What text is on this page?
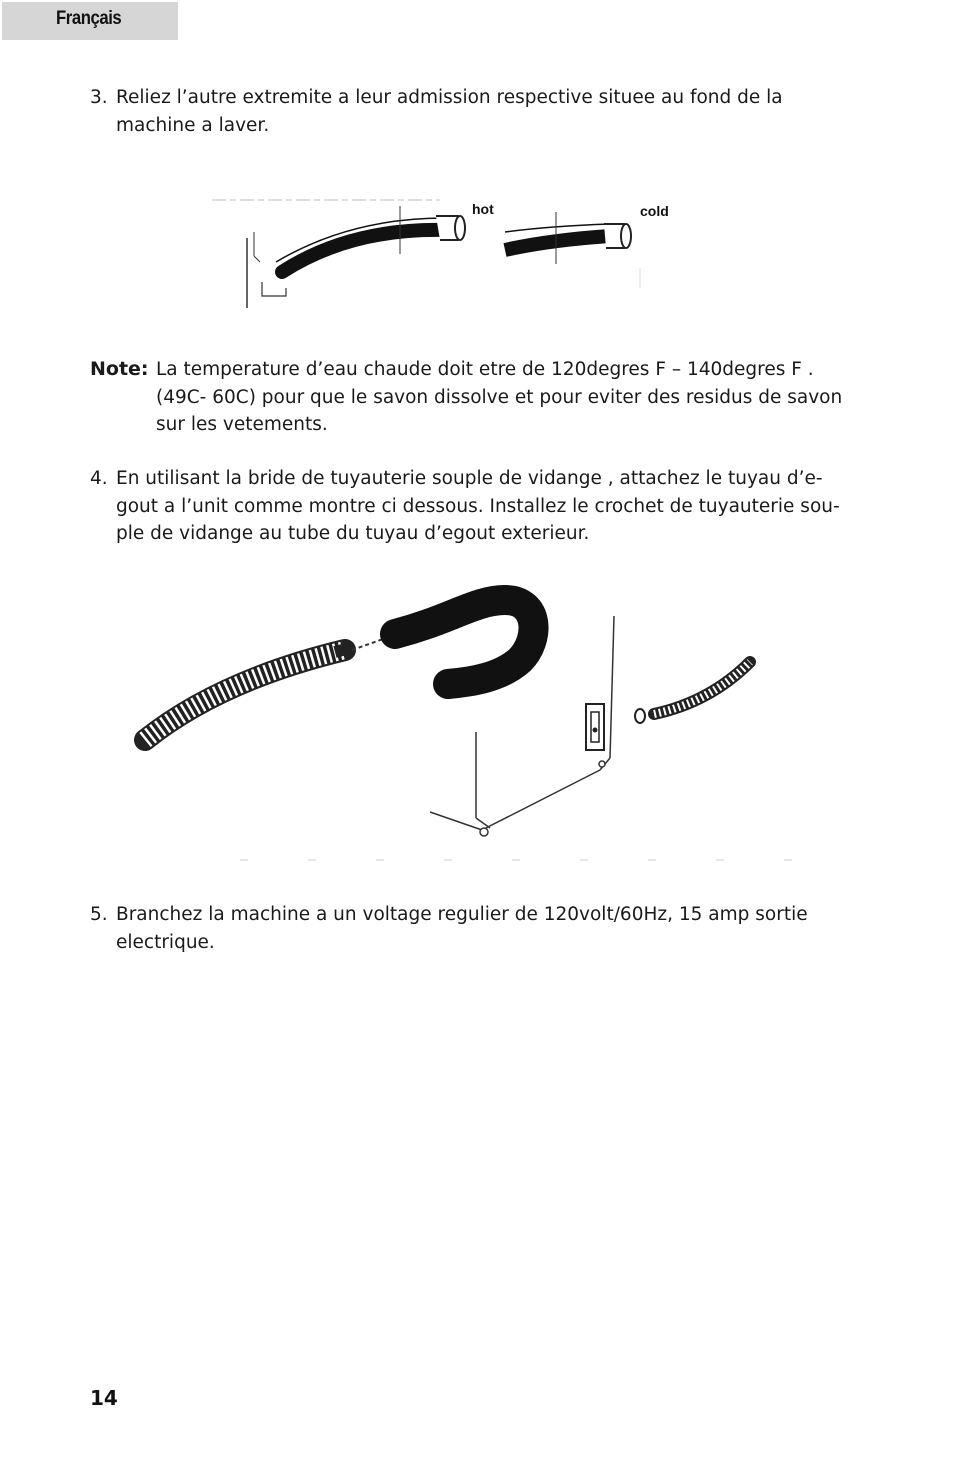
Français
3. Reliez l’autre extremite a leur admission respective situee au fond de la
machine a laver.
hot	cold
Note: La temperature d’eau chaude doit etre de 120degres F – 140degres F .
(49C- 60C) pour que le savon dissolve et pour eviter des residus de savon
sur les vetements.
4. En utilisant la bride de tuyauterie souple de vidange , attachez le tuyau d’e-
gout a l’unit comme montre ci dessous. Installez le crochet de tuyauterie sou-
ple de vidange au tube du tuyau d’egout exterieur.
5. Branchez la machine a un voltage regulier de 120volt/60Hz, 15 amp sortie
electrique.
14
